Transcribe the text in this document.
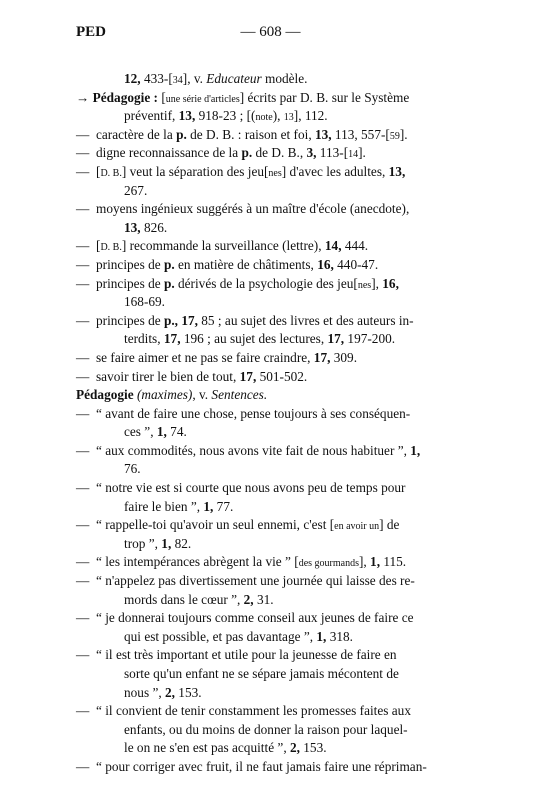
PED	— 608 —
12, 433-[34], v. Educateur modèle.
→ Pédagogie : [une série d'articles] écrits par D. B. sur le Système
préventif, 13, 918-23 ; [(note), 13], 112.
— caractère de la p. de D. B. : raison et foi, 13, 113, 557-[59].
— digne reconnaissance de la p. de D. B., 3, 113-[14].
— [D. B.] veut la séparation des jeu[nes] d'avec les adultes, 13,
267.
— moyens ingénieux suggérés à un maître d'école (anecdote),
13, 826.
— [D. B.] recommande la surveillance (lettre), 14, 444.
— principes de p. en matière de châtiments, 16, 440-47.
— principes de p. dérivés de la psychologie des jeu[nes], 16,
168-69.
— principes de p., 17, 85 ; au sujet des livres et des auteurs in-
terdits, 17, 196 ; au sujet des lectures, 17, 197-200.
— se faire aimer et ne pas se faire craindre, 17, 309.
— savoir tirer le bien de tout, 17, 501-502.
Pédagogie (maximes), v. Sentences.
— “ avant de faire une chose, pense toujours à ses conséquen-
ces ”, 1, 74.
— “ aux commodités, nous avons vite fait de nous habituer ”, 1,
76.
— “ notre vie est si courte que nous avons peu de temps pour
faire le bien ”, 1, 77.
— “ rappelle-toi qu'avoir un seul ennemi, c'est [en avoir un] de
trop ”, 1, 82.
— “ les intempérances abrègent la vie ” [des gourmands], 1, 115.
— “ n'appelez pas divertissement une journée qui laisse des re-
mords dans le cœur ”, 2, 31.
— “ je donnerai toujours comme conseil aux jeunes de faire ce
qui est possible, et pas davantage ”, 1, 318.
— “ il est très important et utile pour la jeunesse de faire en
sorte qu'un enfant ne se sépare jamais mécontent de
nous ”, 2, 153.
— “ il convient de tenir constamment les promesses faites aux
enfants, ou du moins de donner la raison pour laquel-
le on ne s'en est pas acquitté ”, 2, 153.
— “ pour corriger avec fruit, il ne faut jamais faire une répriman-
